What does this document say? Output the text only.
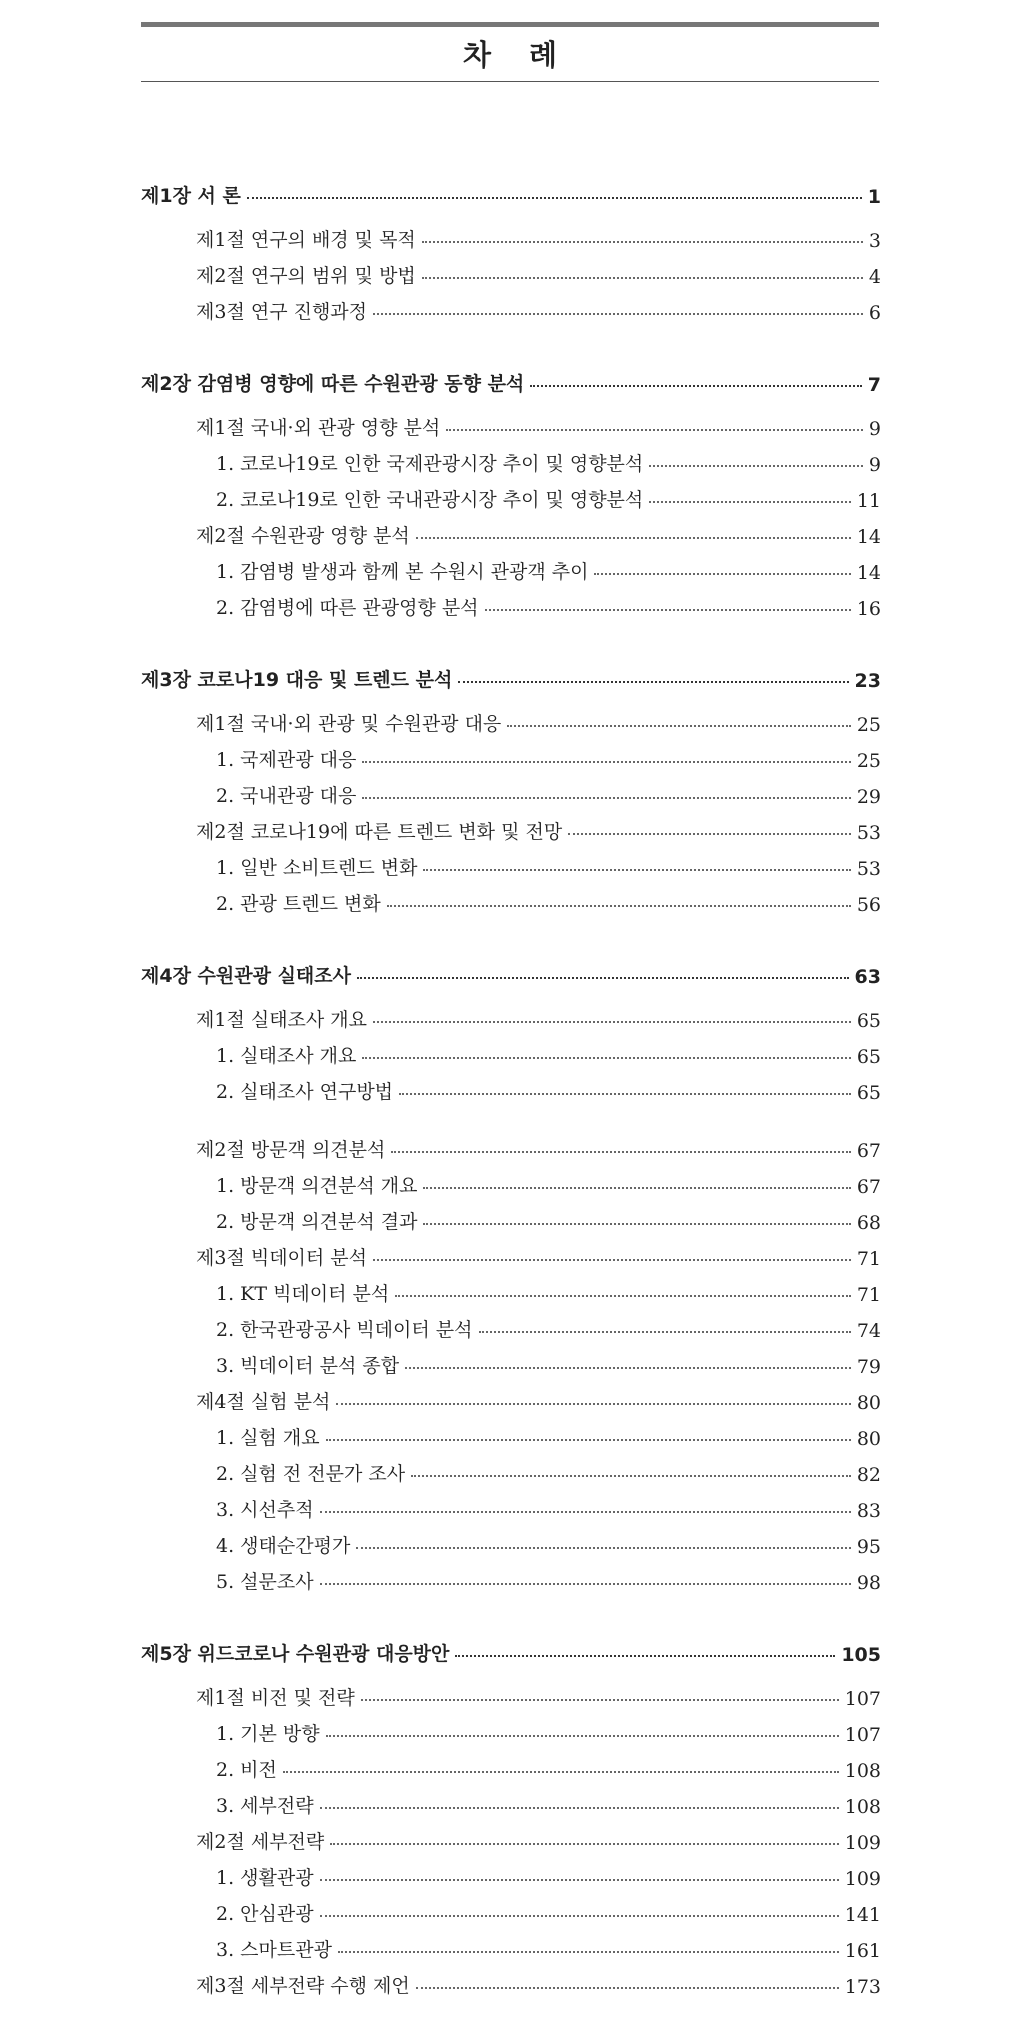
차 례
제1장 서 론	1
제1절 연구의 배경 및 목적	3
제2절 연구의 범위 및 방법	4
제3절 연구 진행과정	6
제2장 감염병 영향에 따른 수원관광 동향 분석	7
제1절 국내·외 관광 영향 분석	9
1. 코로나19로 인한 국제관광시장 추이 및 영향분석	9
2. 코로나19로 인한 국내관광시장 추이 및 영향분석	11
제2절 수원관광 영향 분석	14
1. 감염병 발생과 함께 본 수원시 관광객 추이	14
2. 감염병에 따른 관광영향 분석	16
제3장 코로나19 대응 및 트렌드 분석	23
제1절 국내·외 관광 및 수원관광 대응	25
1. 국제관광 대응	25
2. 국내관광 대응	29
제2절 코로나19에 따른 트렌드 변화 및 전망	53
1. 일반 소비트렌드 변화	53
2. 관광 트렌드 변화	56
제4장 수원관광 실태조사	63
제1절 실태조사 개요	65
1. 실태조사 개요	65
2. 실태조사 연구방법	65
제2절 방문객 의견분석	67
1. 방문객 의견분석 개요	67
2. 방문객 의견분석 결과	68
제3절 빅데이터 분석	71
1. KT 빅데이터 분석	71
2. 한국관광공사 빅데이터 분석	74
3. 빅데이터 분석 종합	79
제4절 실험 분석	80
1. 실험 개요	80
2. 실험 전 전문가 조사	82
3. 시선추적	83
4. 생태순간평가	95
5. 설문조사	98
제5장 위드코로나 수원관광 대응방안	105
제1절 비전 및 전략	107
1. 기본 방향	107
2. 비전	108
3. 세부전략	108
제2절 세부전략	109
1. 생활관광	109
2. 안심관광	141
3. 스마트관광	161
제3절 세부전략 수행 제언	173
